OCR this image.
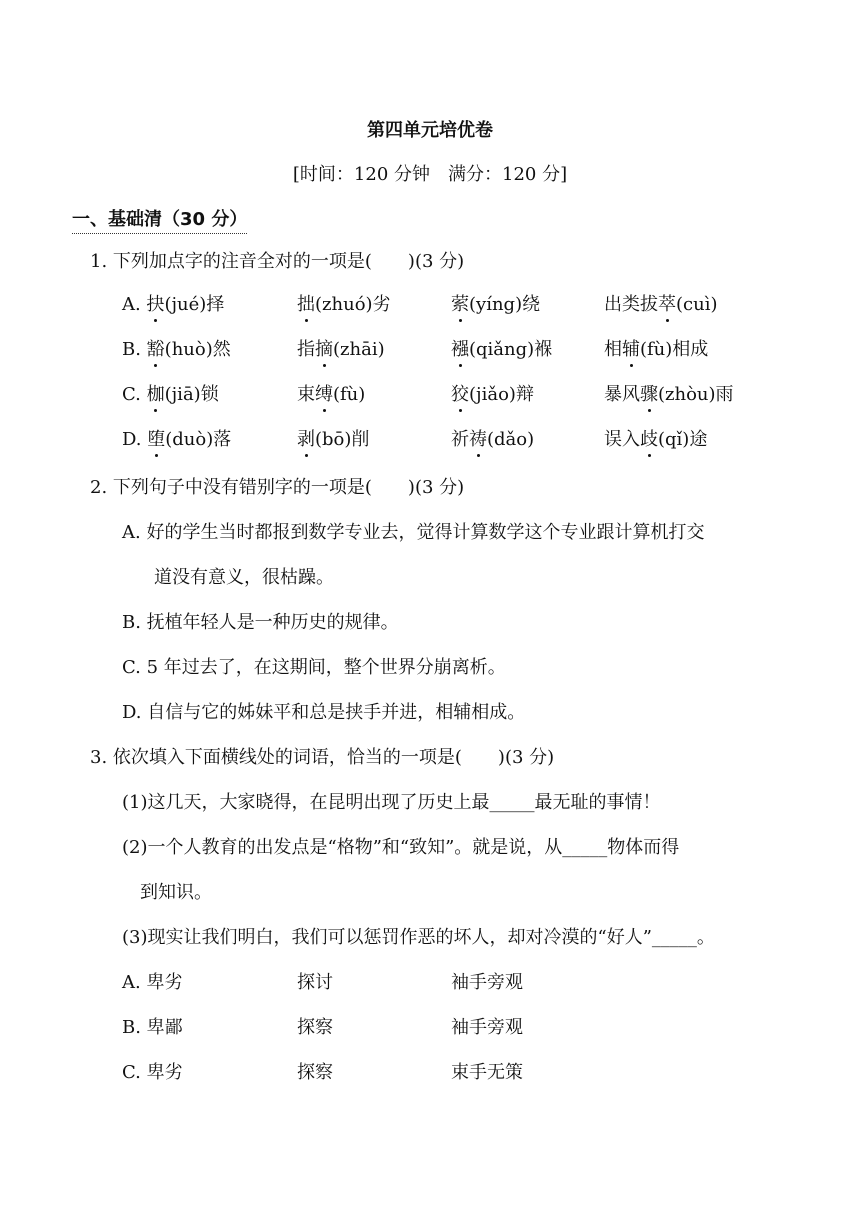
第四单元培优卷
[时间：120 分钟　满分：120 分]
一、基础清（30 分）
1. 下列加点字的注音全对的一项是(　　)(3 分)
A. 抉(jué)择	拙(zhuó)劣	萦(yíng)绕	出类拔萃(cuì)
B. 豁(huò)然	指摘(zhāi)	襁(qiǎng)褓	相辅(fù)相成
C. 枷(jiā)锁	束缚(fù)	狡(jiǎo)辩	暴风骤(zhòu)雨
D. 堕(duò)落	剥(bō)削	祈祷(dǎo)	误入歧(qǐ)途
2. 下列句子中没有错别字的一项是(　　)(3 分)
A. 好的学生当时都报到数学专业去，觉得计算数学这个专业跟计算机打交
道没有意义，很枯躁。
B. 抚植年轻人是一种历史的规律。
C. 5 年过去了，在这期间，整个世界分崩离析。
D. 自信与它的姊妹平和总是挟手并进，相辅相成。
3. 依次填入下面横线处的词语，恰当的一项是(　　)(3 分)
(1)这几天，大家晓得，在昆明出现了历史上最_____最无耻的事情！
(2)一个人教育的出发点是“格物”和“致知”。就是说，从_____物体而得
到知识。
(3)现实让我们明白，我们可以惩罚作恶的坏人，却对冷漠的“好人”_____。
A. 卑劣	探讨	袖手旁观
B. 卑鄙	探察	袖手旁观
C. 卑劣	探察	束手无策
